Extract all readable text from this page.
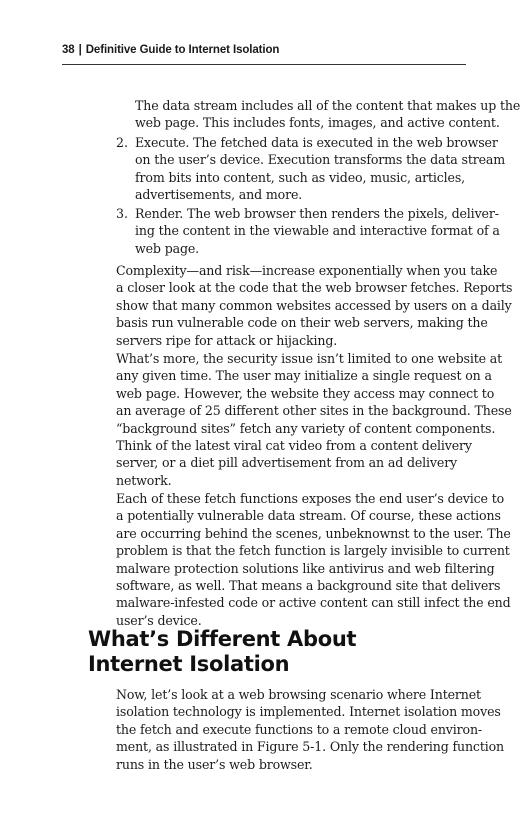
38 | Definitive Guide to Internet Isolation
The data stream includes all of the content that makes up the
web page. This includes fonts, images, and active content.
2. Execute. The fetched data is executed in the web browser
on the user’s device. Execution transforms the data stream
from bits into content, such as video, music, articles,
advertisements, and more.
3. Render. The web browser then renders the pixels, deliver-
ing the content in the viewable and interactive format of a
web page.
Complexity—and risk—increase exponentially when you take
a closer look at the code that the web browser fetches. Reports
show that many common websites accessed by users on a daily
basis run vulnerable code on their web servers, making the
servers ripe for attack or hijacking.
What’s more, the security issue isn’t limited to one website at
any given time. The user may initialize a single request on a
web page. However, the website they access may connect to
an average of 25 different other sites in the background. These
“background sites” fetch any variety of content components.
Think of the latest viral cat video from a content delivery
server, or a diet pill advertisement from an ad delivery
network.
Each of these fetch functions exposes the end user’s device to
a potentially vulnerable data stream. Of course, these actions
are occurring behind the scenes, unbeknownst to the user. The
problem is that the fetch function is largely invisible to current
malware protection solutions like antivirus and web filtering
software, as well. That means a background site that delivers
malware-infested code or active content can still infect the end
user’s device.
What’s Different About
Internet Isolation
Now, let’s look at a web browsing scenario where Internet
isolation technology is implemented. Internet isolation moves
the fetch and execute functions to a remote cloud environ-
ment, as illustrated in Figure 5-1. Only the rendering function
runs in the user’s web browser.
